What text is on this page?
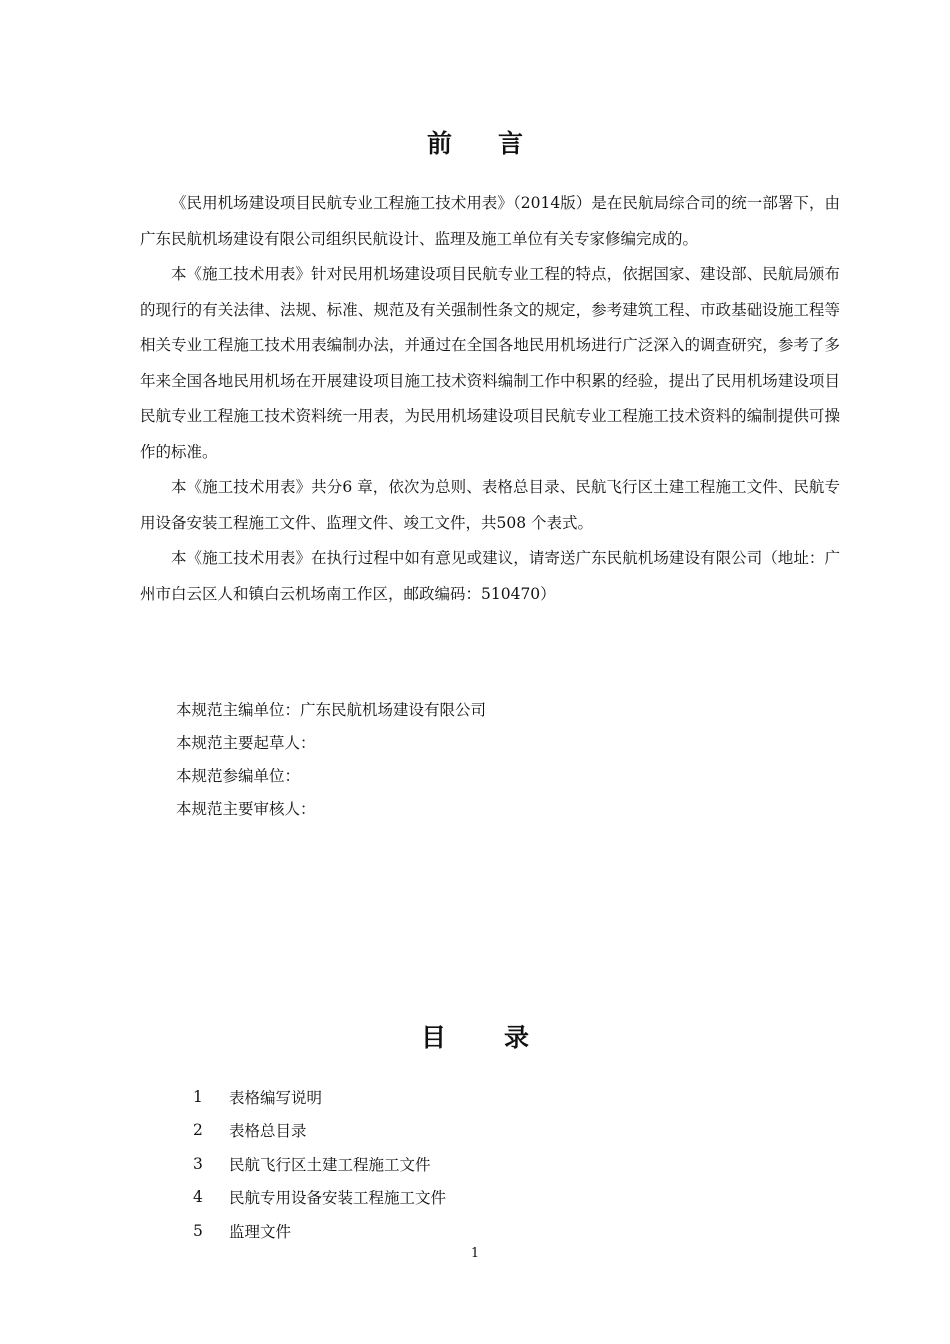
前 言

《民用机场建设项目民航专业工程施工技术用表》（2014版）是在民航局综合司的统一部署下，由广东民航机场建设有限公司组织民航设计、监理及施工单位有关专家修编完成的。

本《施工技术用表》针对民用机场建设项目民航专业工程的特点，依据国家、建设部、民航局颁布的现行的有关法律、法规、标准、规范及有关强制性条文的规定，参考建筑工程、市政基础设施工程等相关专业工程施工技术用表编制办法，并通过在全国各地民用机场进行广泛深入的调查研究，参考了多年来全国各地民用机场在开展建设项目施工技术资料编制工作中积累的经验，提出了民用机场建设项目民航专业工程施工技术资料统一用表，为民用机场建设项目民航专业工程施工技术资料的编制提供可操作的标准。

本《施工技术用表》共分6 章，依次为总则、表格总目录、民航飞行区土建工程施工文件、民航专用设备安装工程施工文件、监理文件、竣工文件，共508 个表式。

本《施工技术用表》在执行过程中如有意见或建议，请寄送广东民航机场建设有限公司（地址：广州市白云区人和镇白云机场南工作区，邮政编码：510470）

本规范主编单位：广东民航机场建设有限公司
本规范主要起草人：
本规范参编单位：
本规范主要审核人：
目 录
1	表格编写说明
2	表格总目录
3	民航飞行区土建工程施工文件
4	民航专用设备安装工程施工文件
5	监理文件
1
